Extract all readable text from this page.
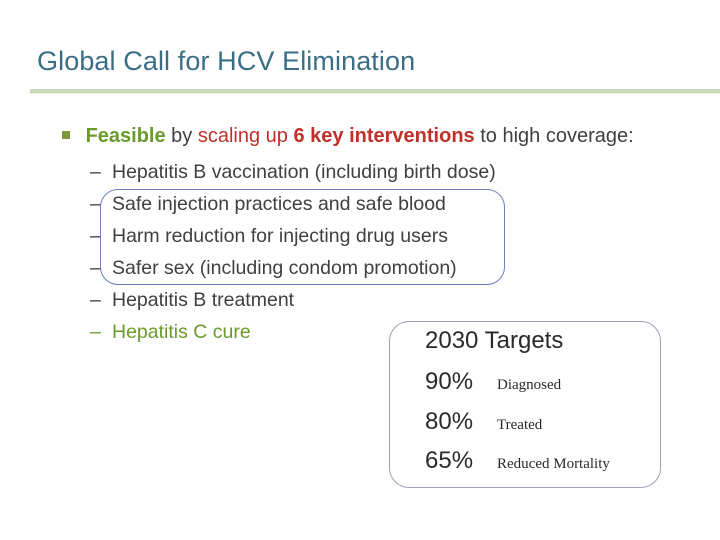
Global Call for HCV Elimination
Feasible by scaling up 6 key interventions to high coverage:
– Hepatitis B vaccination (including birth dose)
– Safe injection practices and safe blood
– Harm reduction for injecting drug users
– Safer sex (including condom promotion)
– Hepatitis B treatment
– Hepatitis C cure	2030 Targets
90% Diagnosed
80% Treated
65% Reduced Mortality
